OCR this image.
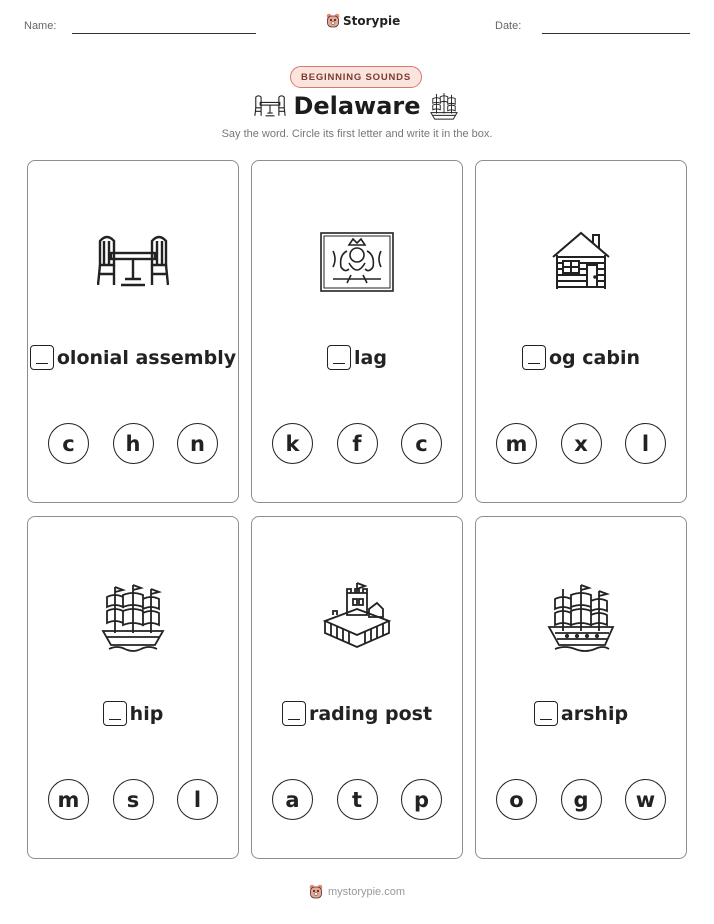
Name:	Storypie	Date:
BEGINNING SOUNDS
Delaware
Say the word. Circle its first letter and write it in the box.
olonial assembly
c	h	n
lag
k	f	c
og cabin
m	x	l
hip
m	s	l
rading post
a	t	p
arship
o	g	w
mystorypie.com
